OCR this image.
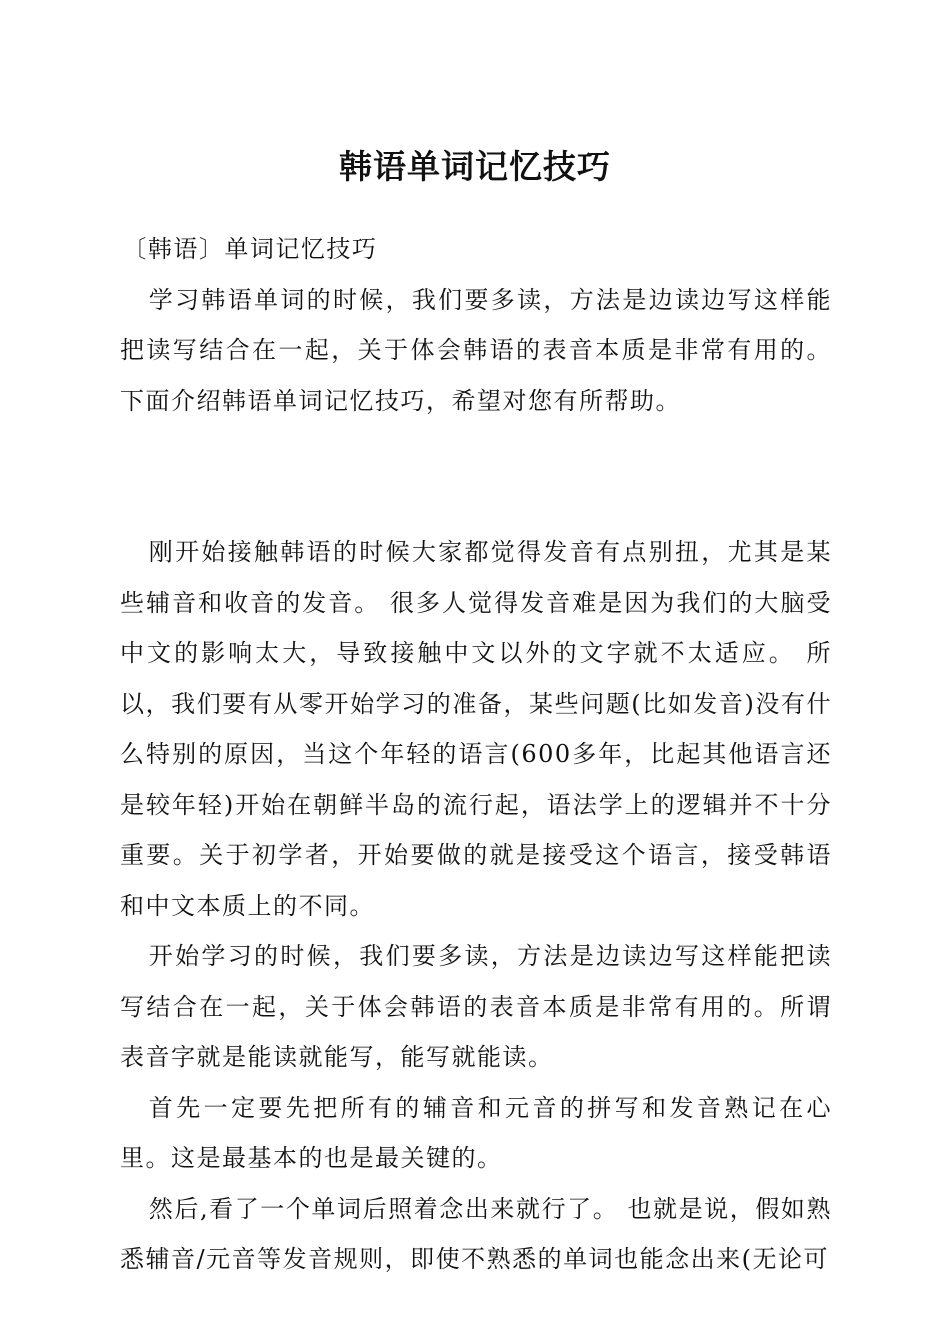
韩语单词记忆技巧

〔韩语〕单词记忆技巧

学习韩语单词的时候，我们要多读，方法是边读边写这样能把读写结合在一起，关于体会韩语的表音本质是非常有用的。下面介绍韩语单词记忆技巧，希望对您有所帮助。

刚开始接触韩语的时候大家都觉得发音有点别扭，尤其是某些辅音和收音的发音。 很多人觉得发音难是因为我们的大脑受中文的影响太大，导致接触中文以外的文字就不太适应。 所以，我们要有从零开始学习的准备，某些问题(比如发音)没有什么特别的原因，当这个年轻的语言(600多年，比起其他语言还是较年轻)开始在朝鲜半岛的流行起，语法学上的逻辑并不十分重要。关于初学者，开始要做的就是接受这个语言，接受韩语和中文本质上的不同。

开始学习的时候，我们要多读，方法是边读边写这样能把读写结合在一起，关于体会韩语的表音本质是非常有用的。所谓表音字就是能读就能写，能写就能读。

首先一定要先把所有的辅音和元音的拼写和发音熟记在心里。这是最基本的也是最关键的。

然后,看了一个单词后照着念出来就行了。 也就是说，假如熟悉辅音/元音等发音规则，即使不熟悉的单词也能念出来(无论可
